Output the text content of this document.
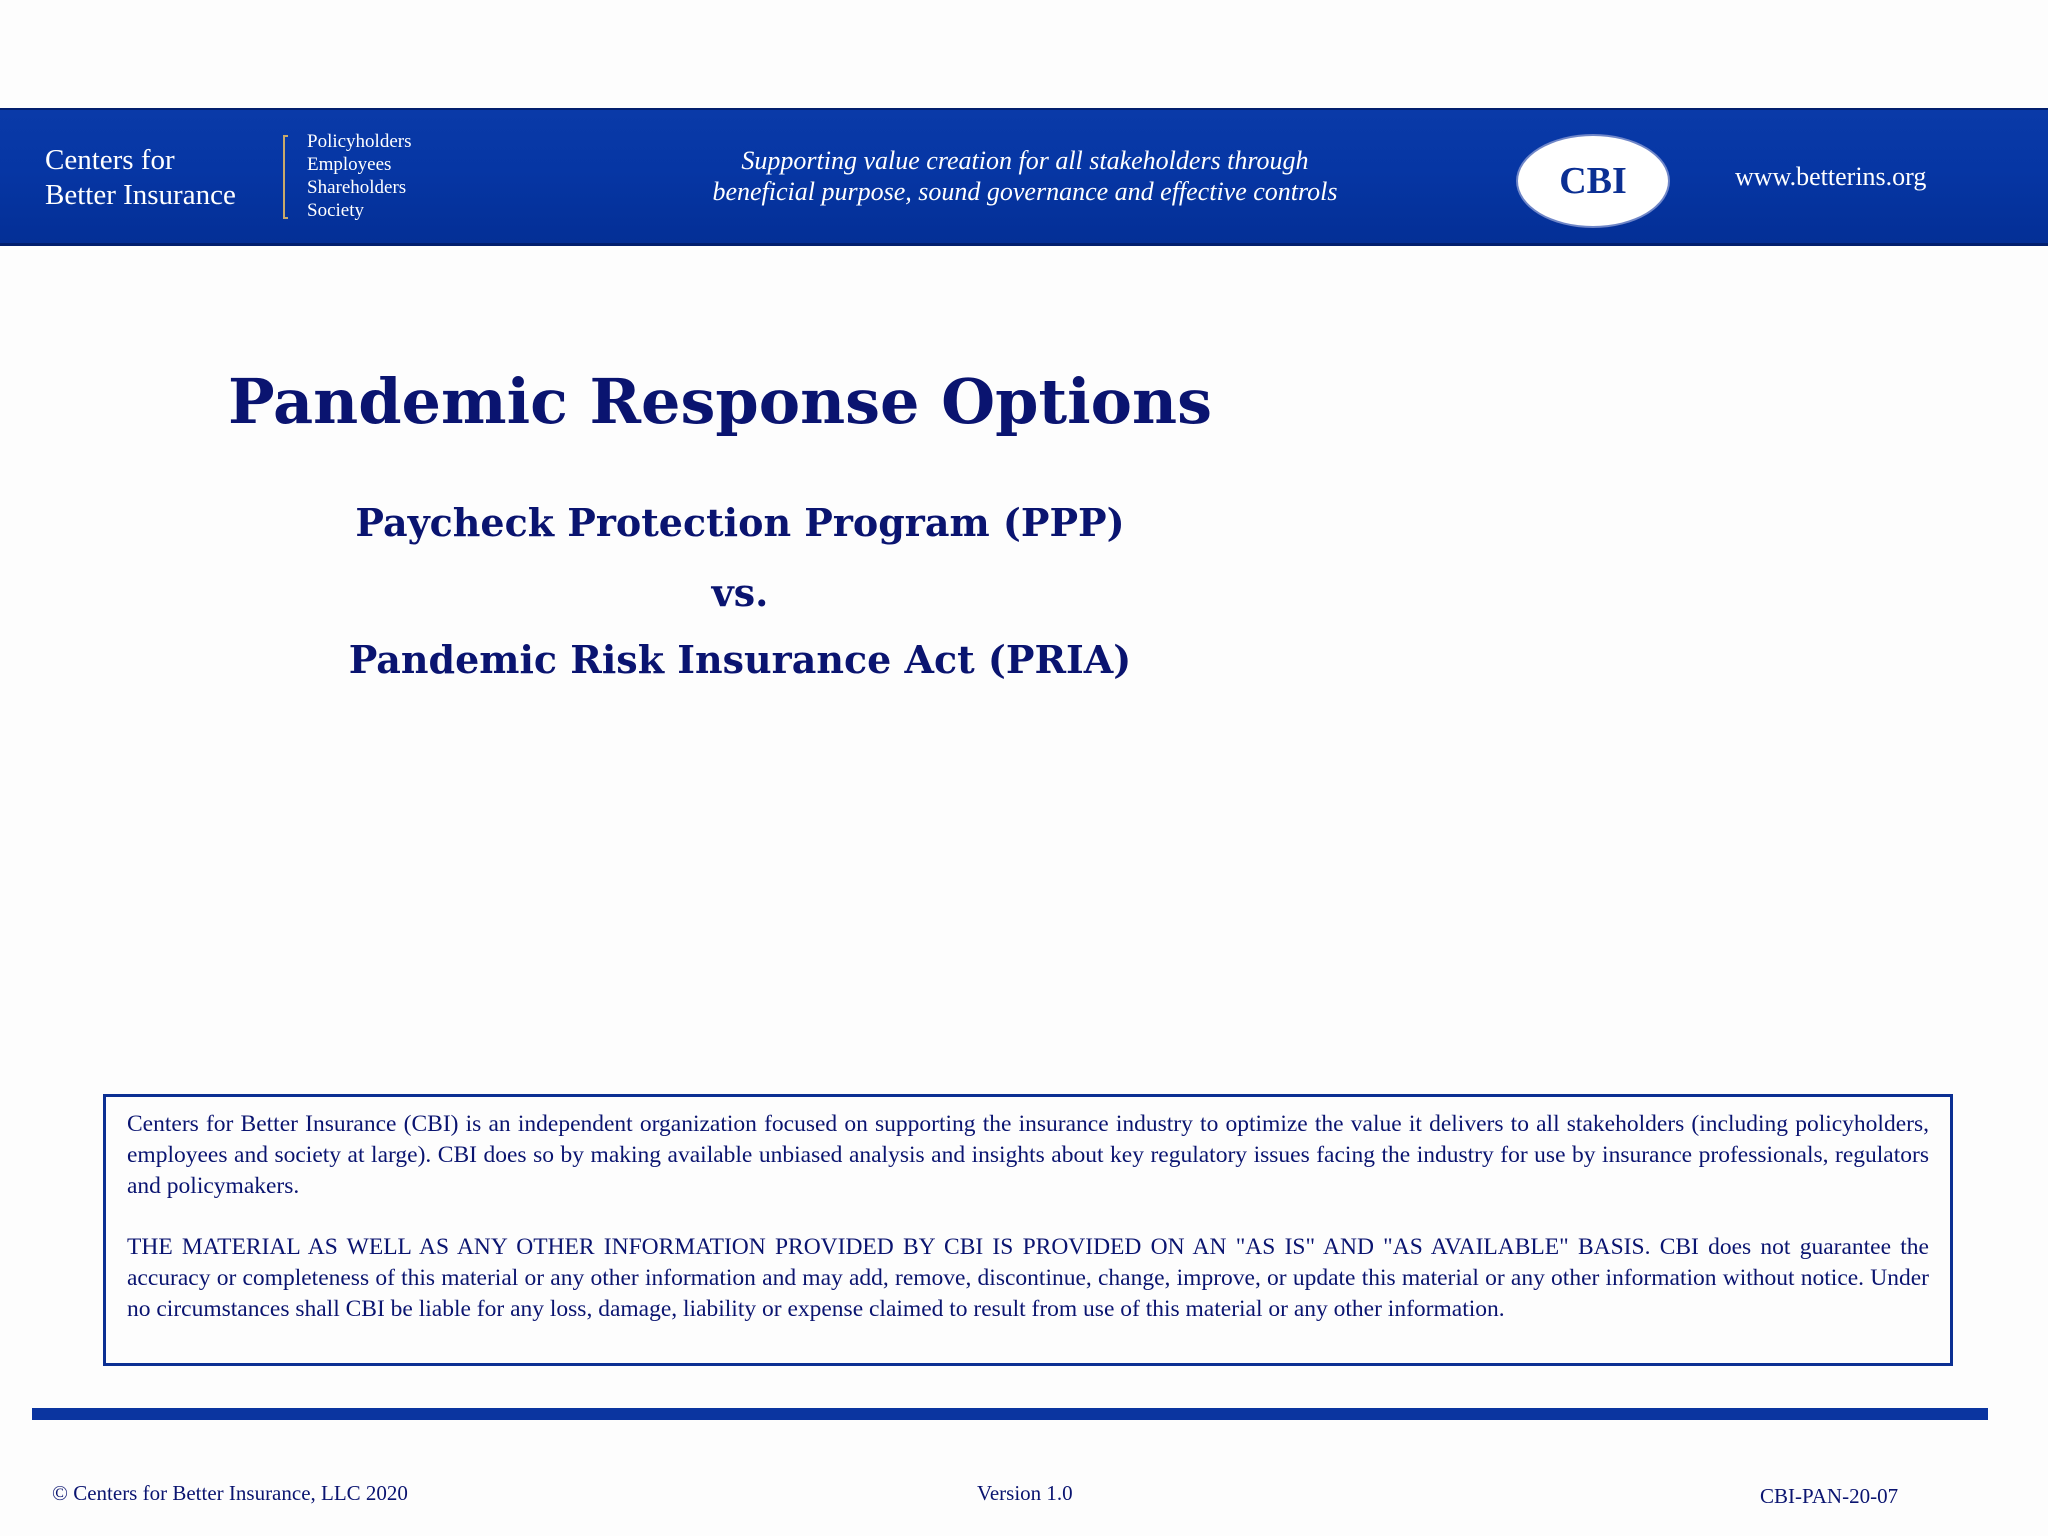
Centers for
Better Insurance
Policyholders
Employees
Shareholders
Society
Supporting value creation for all stakeholders through
beneficial purpose, sound governance and effective controls	CBI	www.betterins.org
Pandemic Response Options
Paycheck Protection Program (PPP)
vs.
Pandemic Risk Insurance Act (PRIA)

Centers for Better Insurance (CBI) is an independent organization focused on supporting the insurance industry to optimize the value it delivers to all stakeholders (including policyholders, employees and society at large). CBI does so by making available unbiased analysis and insights about key regulatory issues facing the industry for use by insurance professionals, regulators and policymakers.

THE MATERIAL AS WELL AS ANY OTHER INFORMATION PROVIDED BY CBI IS PROVIDED ON AN "AS IS" AND "AS AVAILABLE" BASIS. CBI does not guarantee the accuracy or completeness of this material or any other information and may add, remove, discontinue, change, improve, or update this material or any other information without notice. Under no circumstances shall CBI be liable for any loss, damage, liability or expense claimed to result from use of this material or any other information.

© Centers for Better Insurance, LLC 2020	Version 1.0	CBI-PAN-20-07
